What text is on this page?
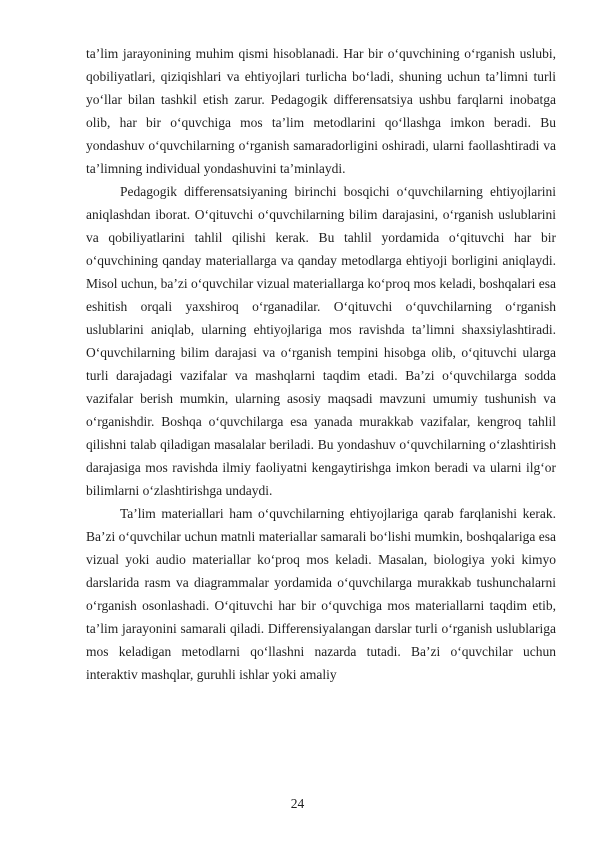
ta’lim jarayonining muhim qismi hisoblanadi. Har bir o‘quvchining o‘rganish uslubi, qobiliyatlari, qiziqishlari va ehtiyojlari turlicha bo‘ladi, shuning uchun ta’limni turli yo‘llar bilan tashkil etish zarur. Pedagogik differensatsiya ushbu farqlarni inobatga olib, har bir o‘quvchiga mos ta’lim metodlarini qo‘llashga imkon beradi. Bu yondashuv o‘quvchilarning o‘rganish samaradorligini oshiradi, ularni faollashtiradi va ta’limning individual yondashuvini ta’minlaydi.

Pedagogik differensatsiyaning birinchi bosqichi o‘quvchilarning ehtiyojlarini aniqlashdan iborat. O‘qituvchi o‘quvchilarning bilim darajasini, o‘rganish uslublarini va qobiliyatlarini tahlil qilishi kerak. Bu tahlil yordamida o‘qituvchi har bir o‘quvchining qanday materiallarga va qanday metodlarga ehtiyoji borligini aniqlaydi. Misol uchun, ba’zi o‘quvchilar vizual materiallarga ko‘proq mos keladi, boshqalari esa eshitish orqali yaxshiroq o‘rganadilar. O‘qituvchi o‘quvchilarning o‘rganish uslublarini aniqlab, ularning ehtiyojlariga mos ravishda ta’limni shaxsiylashtiradi. O‘quvchilarning bilim darajasi va o‘rganish tempini hisobga olib, o‘qituvchi ularga turli darajadagi vazifalar va mashqlarni taqdim etadi. Ba’zi o‘quvchilarga sodda vazifalar berish mumkin, ularning asosiy maqsadi mavzuni umumiy tushunish va o‘rganishdir. Boshqa o‘quvchilarga esa yanada murakkab vazifalar, kengroq tahlil qilishni talab qiladigan masalalar beriladi. Bu yondashuv o‘quvchilarning o‘zlashtirish darajasiga mos ravishda ilmiy faoliyatni kengaytirishga imkon beradi va ularni ilg‘or bilimlarni o‘zlashtirishga undaydi.

Ta’lim materiallari ham o‘quvchilarning ehtiyojlariga qarab farqlanishi kerak. Ba’zi o‘quvchilar uchun matnli materiallar samarali bo‘lishi mumkin, boshqalariga esa vizual yoki audio materiallar ko‘proq mos keladi. Masalan, biologiya yoki kimyo darslarida rasm va diagrammalar yordamida o‘quvchilarga murakkab tushunchalarni o‘rganish osonlashadi. O‘qituvchi har bir o‘quvchiga mos materiallarni taqdim etib, ta’lim jarayonini samarali qiladi. Differensiyalangan darslar turli o‘rganish uslublariga mos keladigan metodlarni qo‘llashni nazarda tutadi. Ba’zi o‘quvchilar uchun interaktiv mashqlar, guruhli ishlar yoki amaliy

24
